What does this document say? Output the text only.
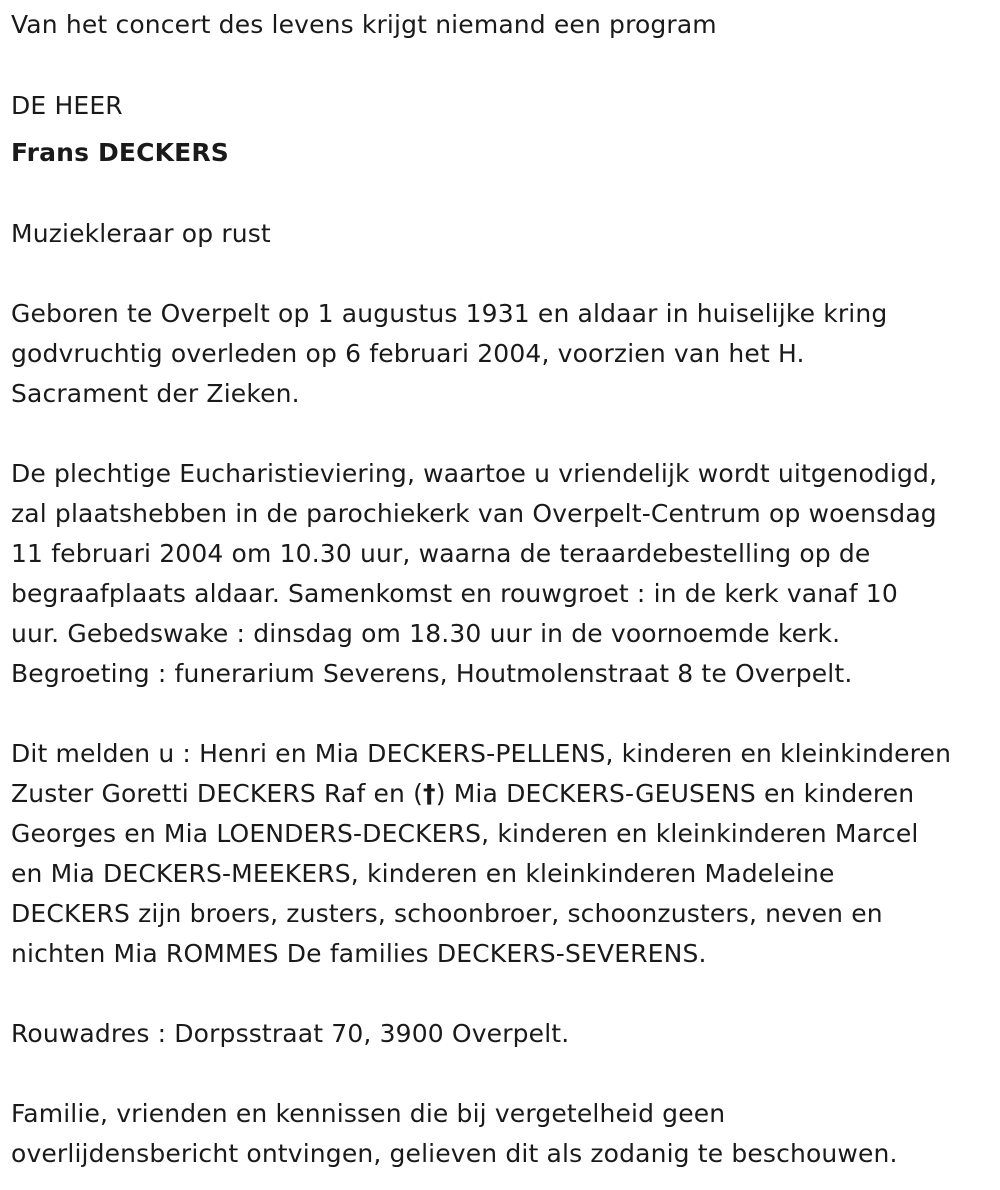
Van het concert des levens krijgt niemand een program

DE HEER

Frans DECKERS

Muziekleraar op rust

Geboren te Overpelt op 1 augustus 1931 en aldaar in huiselijke kring

godvruchtig overleden op 6 februari 2004, voorzien van het H.

Sacrament der Zieken.

De plechtige Eucharistieviering, waartoe u vriendelijk wordt uitgenodigd,

zal plaatshebben in de parochiekerk van Overpelt-Centrum op woensdag

11 februari 2004 om 10.30 uur, waarna de teraardebestelling op de

begraafplaats aldaar. Samenkomst en rouwgroet : in de kerk vanaf 10

uur. Gebedswake : dinsdag om 18.30 uur in de voornoemde kerk.

Begroeting : funerarium Severens, Houtmolenstraat 8 te Overpelt.

Dit melden u : Henri en Mia DECKERS-PELLENS, kinderen en kleinkinderen

Zuster Goretti DECKERS Raf en (†) Mia DECKERS-GEUSENS en kinderen

Georges en Mia LOENDERS-DECKERS, kinderen en kleinkinderen Marcel

en Mia DECKERS-MEEKERS, kinderen en kleinkinderen Madeleine

DECKERS zijn broers, zusters, schoonbroer, schoonzusters, neven en

nichten Mia ROMMES De families DECKERS-SEVERENS.

Rouwadres : Dorpsstraat 70, 3900 Overpelt.

Familie, vrienden en kennissen die bij vergetelheid geen

overlijdensbericht ontvingen, gelieven dit als zodanig te beschouwen.
